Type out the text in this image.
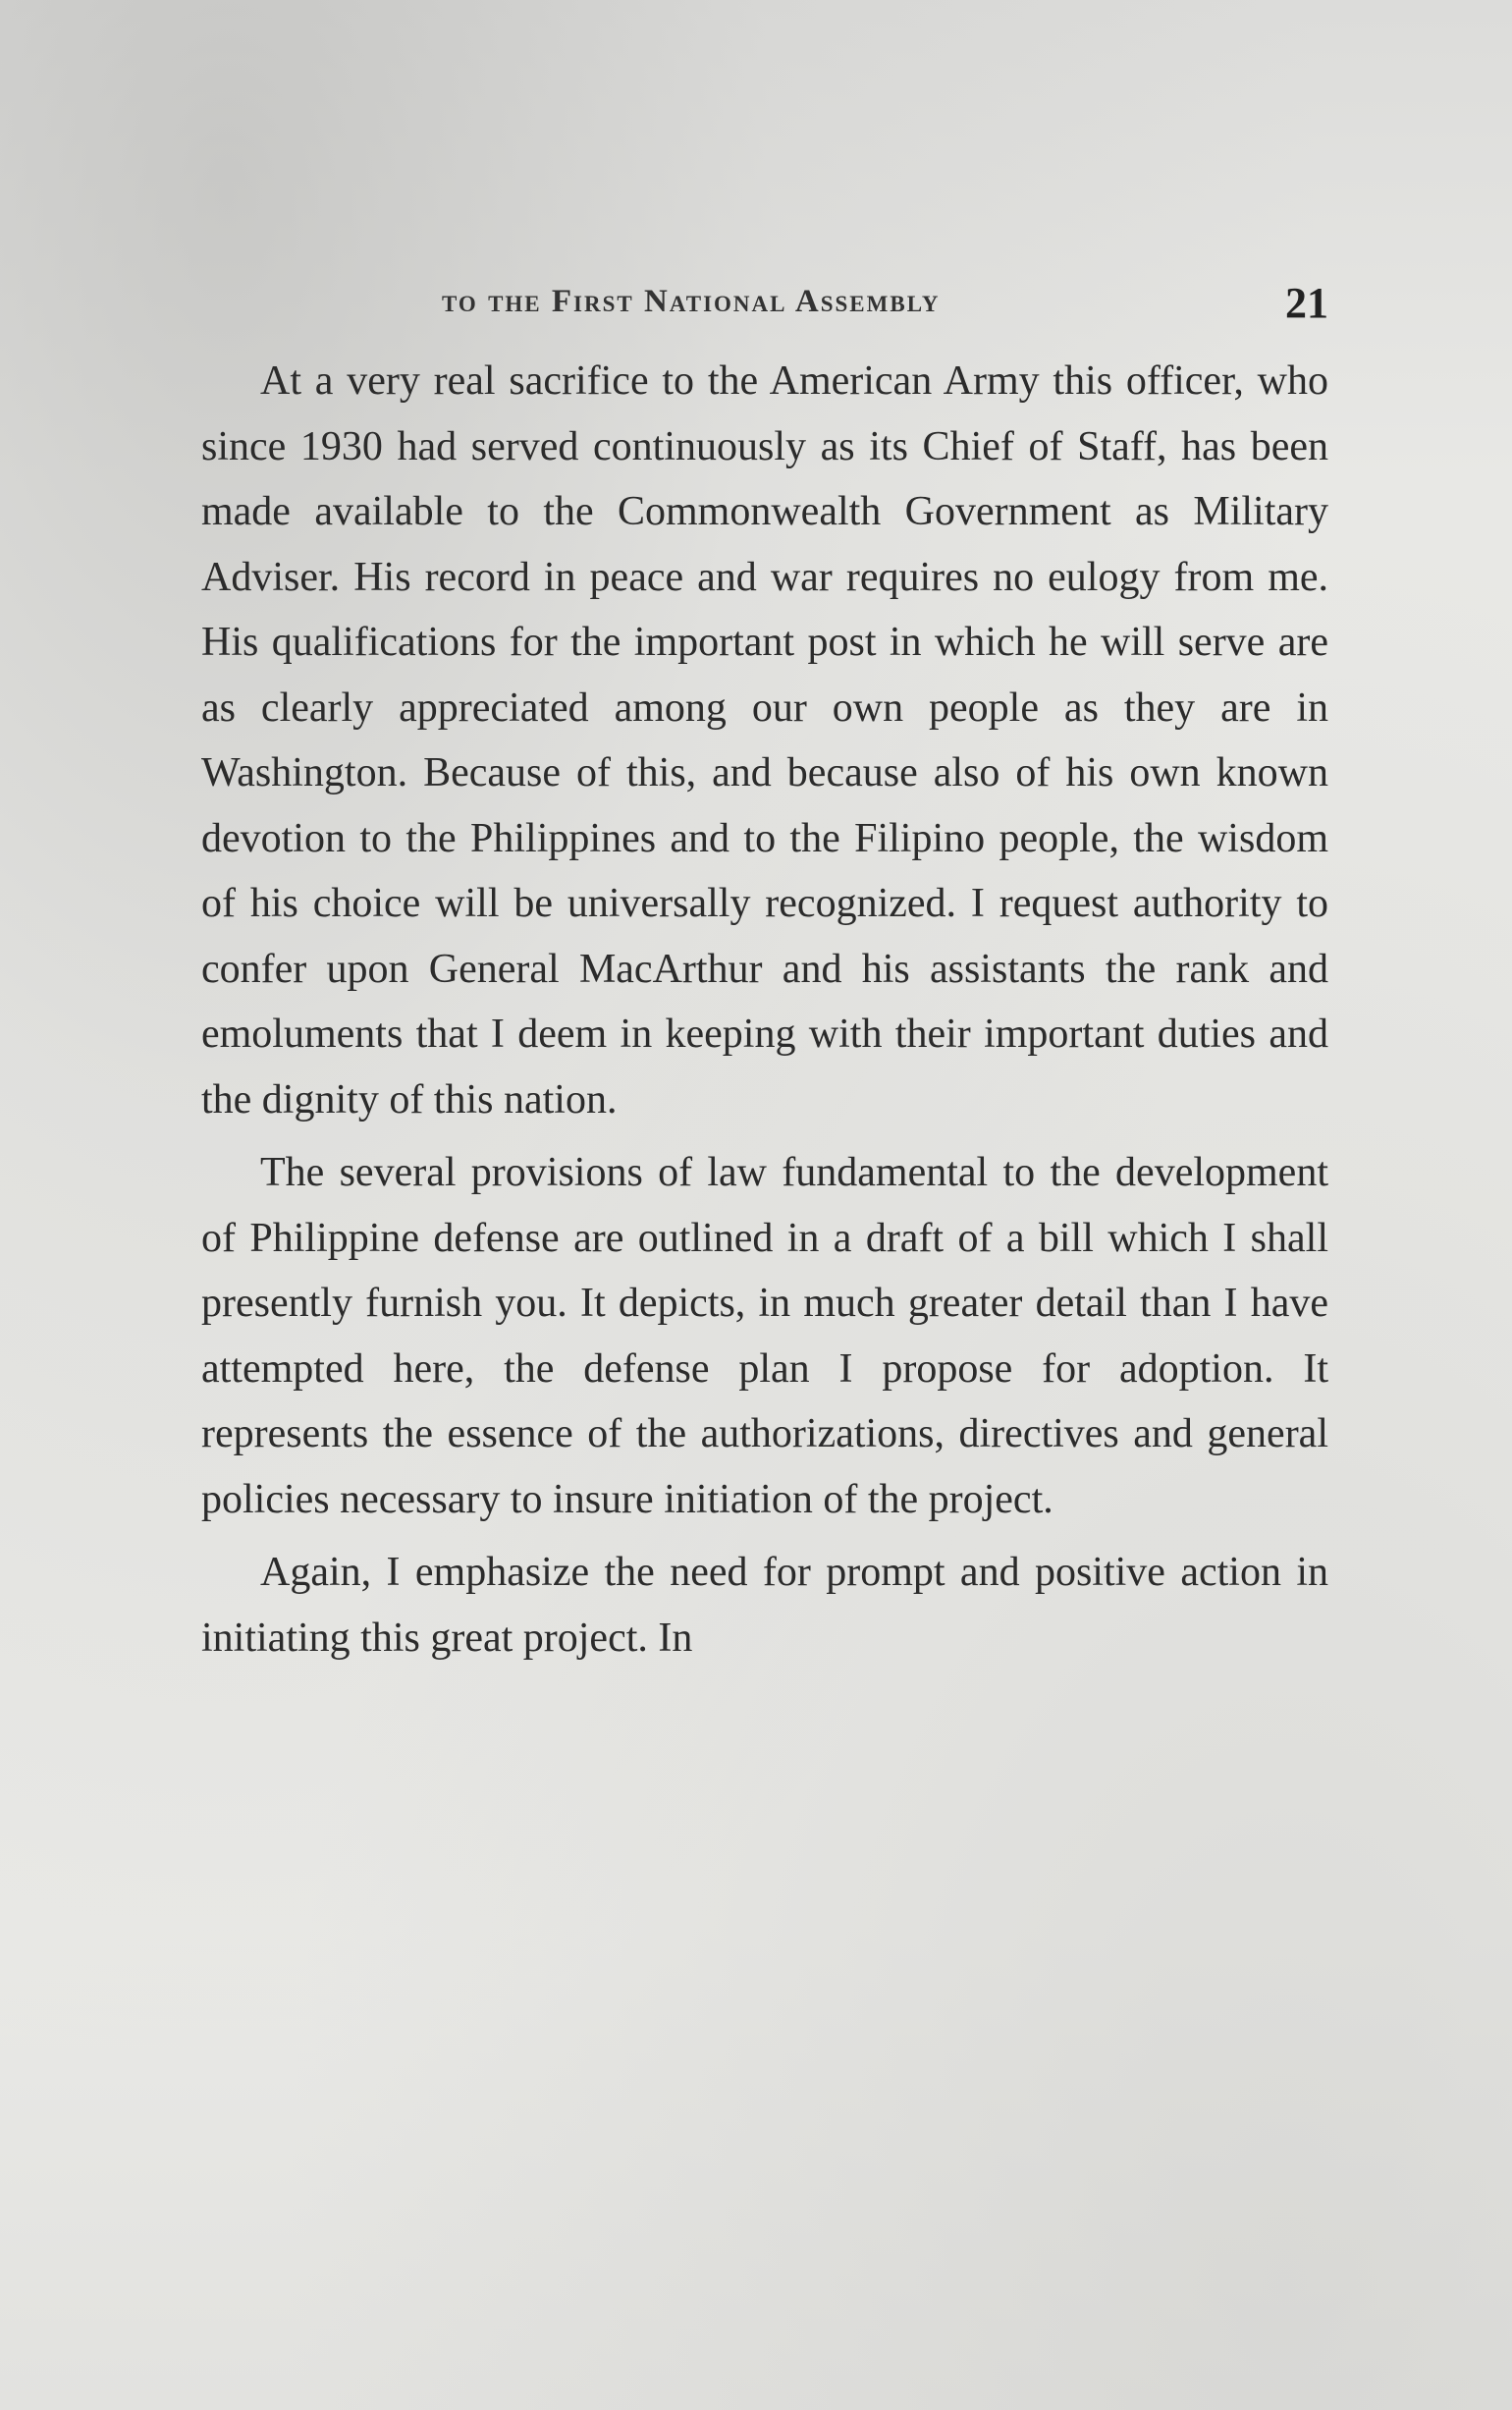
to the First National Assembly	21

At a very real sacrifice to the American Army this officer, who since 1930 had served continuously as its Chief of Staff, has been made available to the Commonwealth Government as Military Adviser. His record in peace and war requires no eulogy from me. His qualifications for the important post in which he will serve are as clearly appreciated among our own people as they are in Washington. Because of this, and because also of his own known devotion to the Philippines and to the Filipino people, the wisdom of his choice will be universally recognized. I request authority to confer upon General MacArthur and his assistants the rank and emoluments that I deem in keeping with their important duties and the dignity of this nation.

The several provisions of law fundamental to the development of Philippine defense are outlined in a draft of a bill which I shall presently furnish you. It depicts, in much greater detail than I have attempted here, the defense plan I propose for adoption. It represents the essence of the authorizations, directives and general policies necessary to insure initiation of the project.

Again, I emphasize the need for prompt and positive action in initiating this great project. In
